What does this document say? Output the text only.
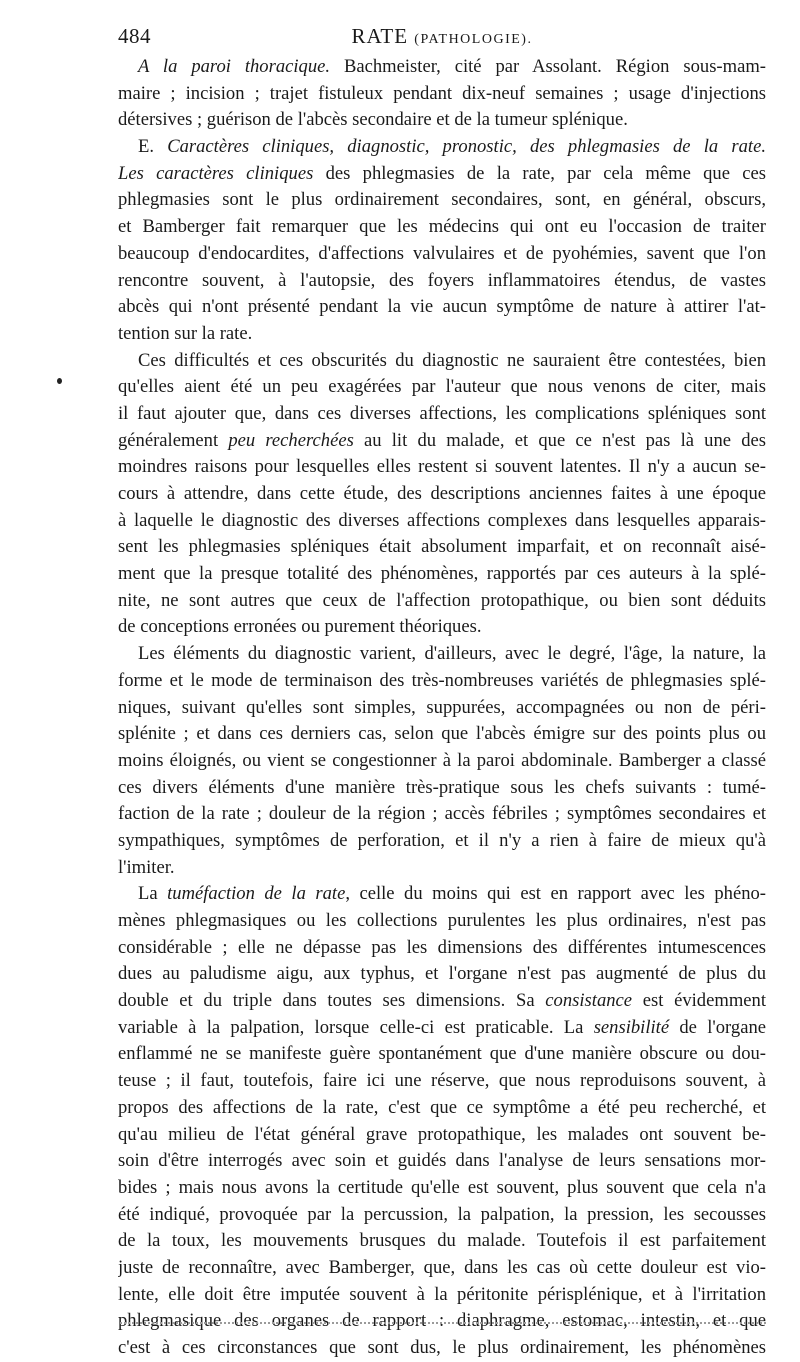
484	RATE (PATHOLOGIE).
A la paroi thoracique. Bachmeister, cité par Assolant. Région sous-mam-
maire ; incision ; trajet fistuleux pendant dix-neuf semaines ; usage d'injections
détersives ; guérison de l'abcès secondaire et de la tumeur splénique.
E. Caractères cliniques, diagnostic, pronostic, des phlegmasies de la rate.
Les caractères cliniques des phlegmasies de la rate, par cela même que ces
phlegmasies sont le plus ordinairement secondaires, sont, en général, obscurs,
et Bamberger fait remarquer que les médecins qui ont eu l'occasion de traiter
beaucoup d'endocardites, d'affections valvulaires et de pyohémies, savent que l'on
rencontre souvent, à l'autopsie, des foyers inflammatoires étendus, de vastes
abcès qui n'ont présenté pendant la vie aucun symptôme de nature à attirer l'at-
tention sur la rate.
Ces difficultés et ces obscurités du diagnostic ne sauraient être contestées, bien
qu'elles aient été un peu exagérées par l'auteur que nous venons de citer, mais
il faut ajouter que, dans ces diverses affections, les complications spléniques sont
généralement peu recherchées au lit du malade, et que ce n'est pas là une des
moindres raisons pour lesquelles elles restent si souvent latentes. Il n'y a aucun se-
cours à attendre, dans cette étude, des descriptions anciennes faites à une époque
à laquelle le diagnostic des diverses affections complexes dans lesquelles apparais-
sent les phlegmasies spléniques était absolument imparfait, et on reconnaît aisé-
ment que la presque totalité des phénomènes, rapportés par ces auteurs à la splé-
nite, ne sont autres que ceux de l'affection protopathique, ou bien sont déduits
de conceptions erronées ou purement théoriques.
Les éléments du diagnostic varient, d'ailleurs, avec le degré, l'âge, la nature, la
forme et le mode de terminaison des très-nombreuses variétés de phlegmasies splé-
niques, suivant qu'elles sont simples, suppurées, accompagnées ou non de péri-
splénite ; et dans ces derniers cas, selon que l'abcès émigre sur des points plus ou
moins éloignés, ou vient se congestionner à la paroi abdominale. Bamberger a classé
ces divers éléments d'une manière très-pratique sous les chefs suivants : tumé-
faction de la rate ; douleur de la région ; accès fébriles ; symptômes secondaires et
sympathiques, symptômes de perforation, et il n'y a rien à faire de mieux qu'à
l'imiter.
La tuméfaction de la rate, celle du moins qui est en rapport avec les phéno-
mènes phlegmasiques ou les collections purulentes les plus ordinaires, n'est pas
considérable ; elle ne dépasse pas les dimensions des différentes intumescences
dues au paludisme aigu, aux typhus, et l'organe n'est pas augmenté de plus du
double et du triple dans toutes ses dimensions. Sa consistance est évidemment
variable à la palpation, lorsque celle-ci est praticable. La sensibilité de l'organe
enflammé ne se manifeste guère spontanément que d'une manière obscure ou dou-
teuse ; il faut, toutefois, faire ici une réserve, que nous reproduisons souvent, à
propos des affections de la rate, c'est que ce symptôme a été peu recherché, et
qu'au milieu de l'état général grave protopathique, les malades ont souvent be-
soin d'être interrogés avec soin et guidés dans l'analyse de leurs sensations mor-
bides ; mais nous avons la certitude qu'elle est souvent, plus souvent que cela n'a
été indiqué, provoquée par la percussion, la palpation, la pression, les secousses
de la toux, les mouvements brusques du malade. Toutefois il est parfaitement
juste de reconnaître, avec Bamberger, que, dans les cas où cette douleur est vio-
lente, elle doit être imputée souvent à la péritonite périsplénique, et à l'irritation
phlegmasique des organes de rapport : diaphragme, estomac, intestin, et que
c'est à ces circonstances que sont dus, le plus ordinairement, les phénomènes
